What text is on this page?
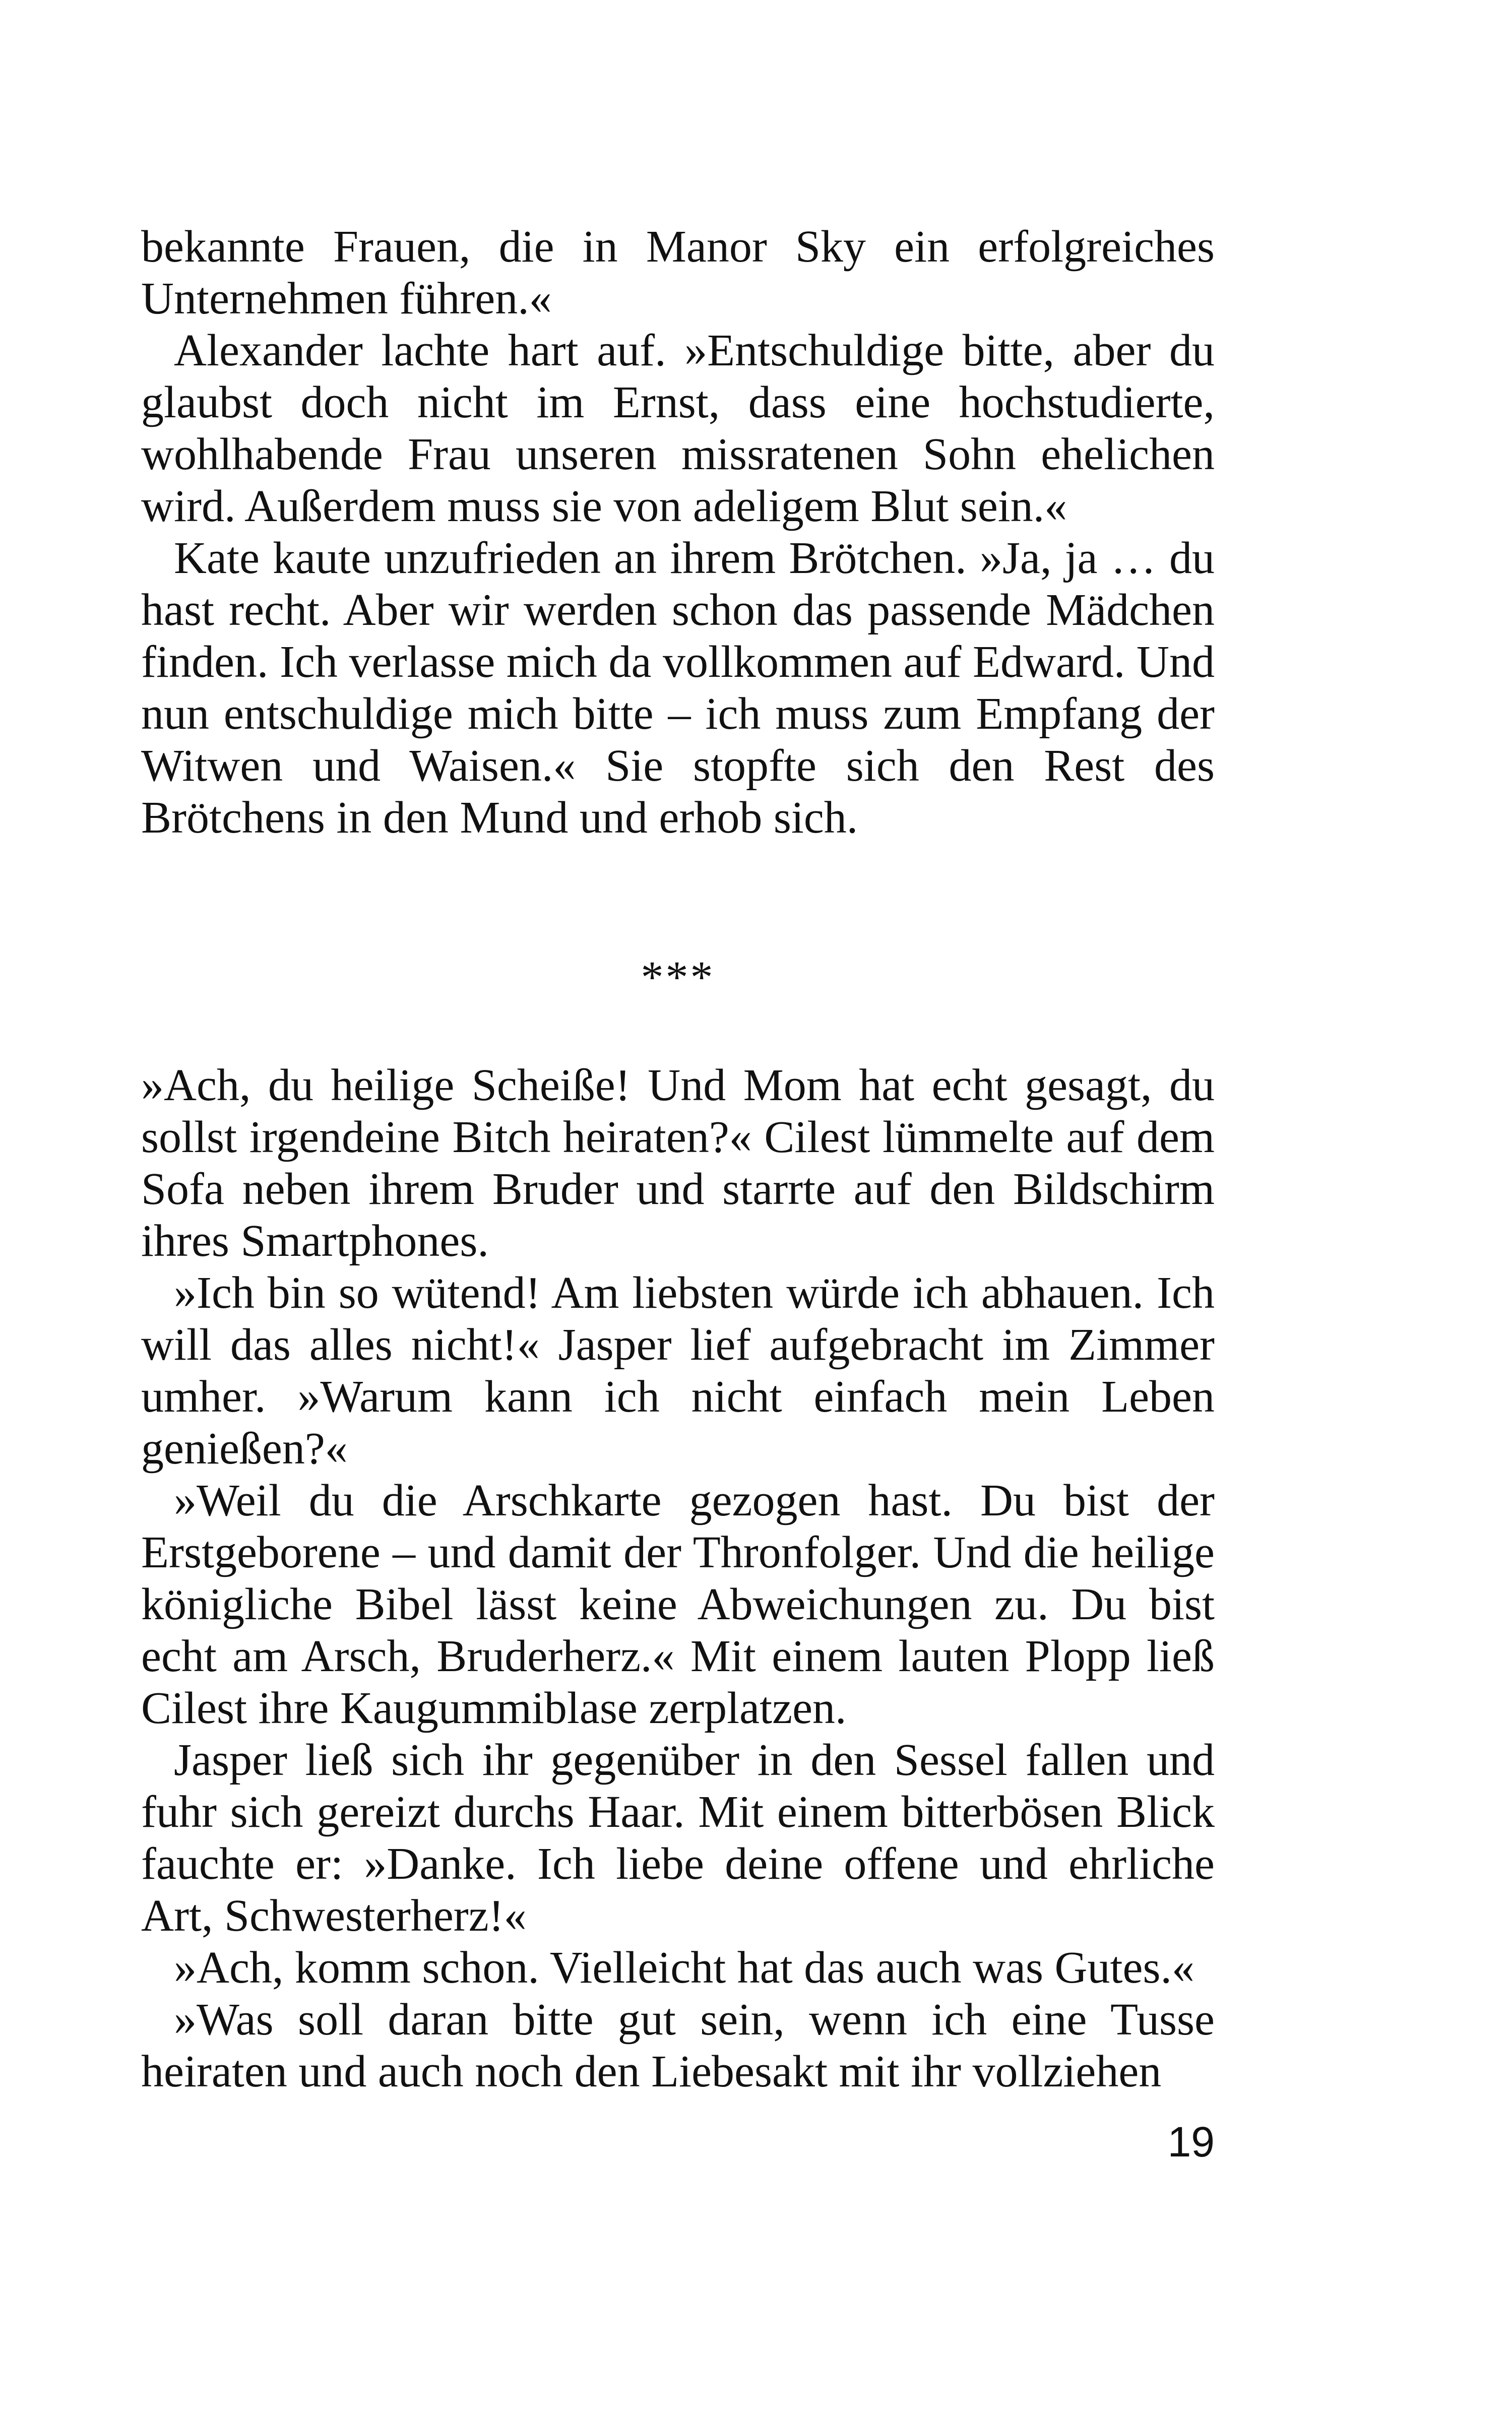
bekannte Frauen, die in Manor Sky ein erfolgreiches Unternehmen führen.«

Alexander lachte hart auf. »Entschuldige bitte, aber du glaubst doch nicht im Ernst, dass eine hochstudierte, wohlhabende Frau unseren missratenen Sohn ehelichen wird. Außerdem muss sie von adeligem Blut sein.«

Kate kaute unzufrieden an ihrem Brötchen. »Ja, ja … du hast recht. Aber wir werden schon das passende Mädchen finden. Ich verlasse mich da vollkommen auf Edward. Und nun entschuldige mich bitte – ich muss zum Empfang der Witwen und Waisen.« Sie stopfte sich den Rest des Brötchens in den Mund und erhob sich.

***

»Ach, du heilige Scheiße! Und Mom hat echt gesagt, du sollst irgendeine Bitch heiraten?« Cilest lümmelte auf dem Sofa neben ihrem Bruder und starrte auf den Bildschirm ihres Smartphones.

»Ich bin so wütend! Am liebsten würde ich abhauen. Ich will das alles nicht!« Jasper lief aufgebracht im Zimmer umher. »Warum kann ich nicht einfach mein Leben genießen?«

»Weil du die Arschkarte gezogen hast. Du bist der Erstgeborene – und damit der Thronfolger. Und die heilige königliche Bibel lässt keine Abweichungen zu. Du bist echt am Arsch, Bruderherz.« Mit einem lauten Plopp ließ Cilest ihre Kaugummiblase zerplatzen.

Jasper ließ sich ihr gegenüber in den Sessel fallen und fuhr sich gereizt durchs Haar. Mit einem bitterbösen Blick fauchte er: »Danke. Ich liebe deine offene und ehrliche Art, Schwesterherz!«

»Ach, komm schon. Vielleicht hat das auch was Gutes.«

»Was soll daran bitte gut sein, wenn ich eine Tusse heiraten und auch noch den Liebesakt mit ihr vollziehen

19
